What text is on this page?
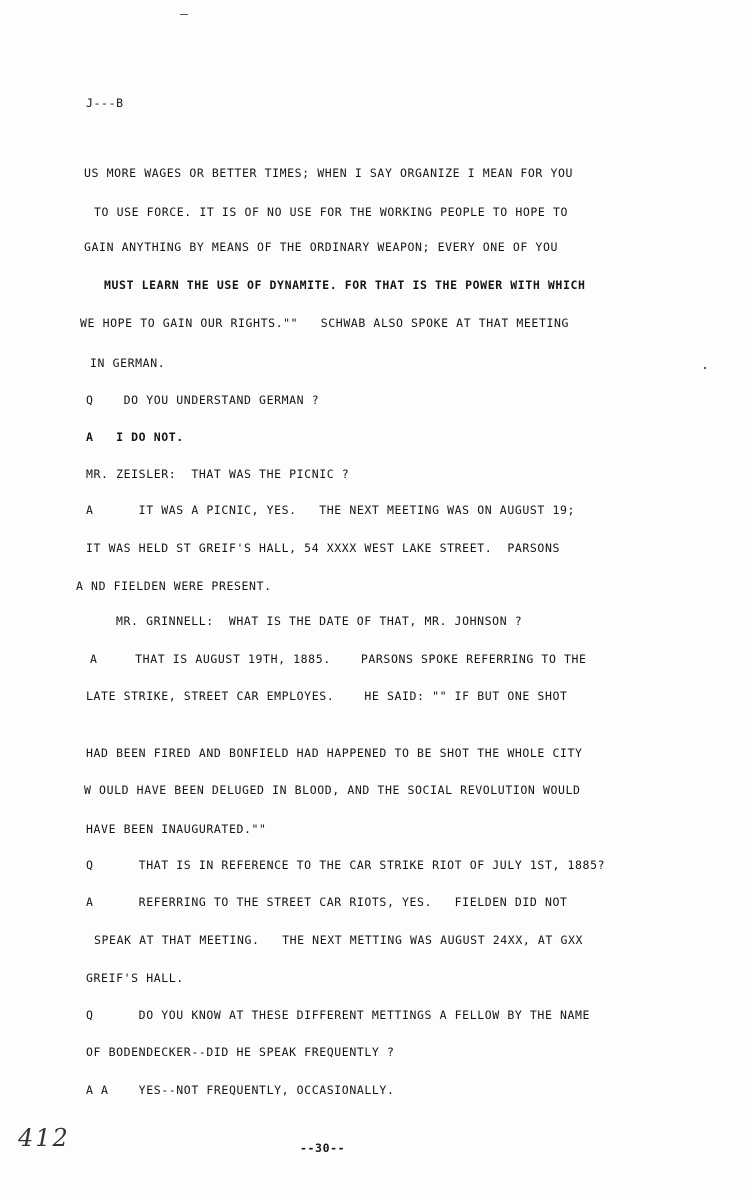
J---B
US MORE WAGES OR BETTER TIMES; WHEN I SAY ORGANIZE I MEAN FOR YOU
TO USE FORCE. IT IS OF NO USE FOR THE WORKING PEOPLE TO HOPE TO
GAIN ANYTHING BY MEANS OF THE ORDINARY WEAPON; EVERY ONE OF YOU
MUST LEARN THE USE OF DYNAMITE. FOR THAT IS THE POWER WITH WHICH
WE HOPE TO GAIN OUR RIGHTS.""   SCHWAB ALSO SPOKE AT THAT MEETING
IN GERMAN.
Q    DO YOU UNDERSTAND GERMAN ?
A   I DO NOT.
MR. ZEISLER:  THAT WAS THE PICNIC ?
A      IT WAS A PICNIC, YES.   THE NEXT MEETING WAS ON AUGUST 19;
IT WAS HELD ST GREIF'S HALL, 54 XXXX WEST LAKE STREET.  PARSONS
A ND FIELDEN WERE PRESENT.
MR. GRINNELL:  WHAT IS THE DATE OF THAT, MR. JOHNSON ?
A     THAT IS AUGUST 19TH, 1885.    PARSONS SPOKE REFERRING TO THE
LATE STRIKE, STREET CAR EMPLOYES.    HE SAID: "" IF BUT ONE SHOT
HAD BEEN FIRED AND BONFIELD HAD HAPPENED TO BE SHOT THE WHOLE CITY
W OULD HAVE BEEN DELUGED IN BLOOD, AND THE SOCIAL REVOLUTION WOULD
HAVE BEEN INAUGURATED.""
Q      THAT IS IN REFERENCE TO THE CAR STRIKE RIOT OF JULY 1ST, 1885?
A      REFERRING TO THE STREET CAR RIOTS, YES.   FIELDEN DID NOT
SPEAK AT THAT MEETING.   THE NEXT METTING WAS AUGUST 24XX, AT GXX
GREIF'S HALL.
Q      DO YOU KNOW AT THESE DIFFERENT METTINGS A FELLOW BY THE NAME
OF BODENDECKER--DID HE SPEAK FREQUENTLY ?
A A    YES--NOT FREQUENTLY, OCCASIONALLY.
412	--30--
